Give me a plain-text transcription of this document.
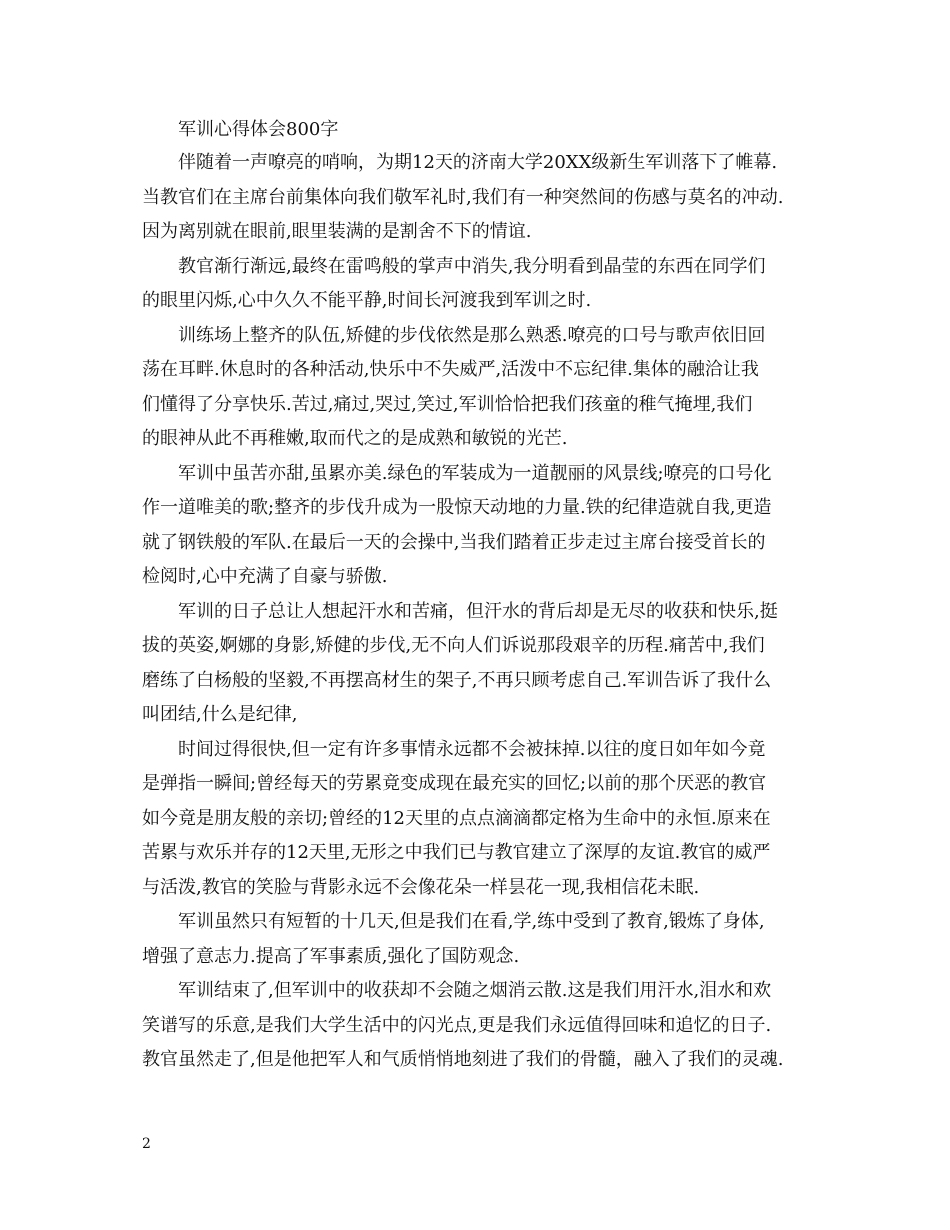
军训心得体会800字

伴随着一声嘹亮的哨响，为期12天的济南大学20XX级新生军训落下了帷幕.
当教官们在主席台前集体向我们敬军礼时,我们有一种突然间的伤感与莫名的冲动.
因为离别就在眼前,眼里装满的是割舍不下的情谊.

教官渐行渐远,最终在雷鸣般的掌声中消失,我分明看到晶莹的东西在同学们
的眼里闪烁,心中久久不能平静,时间长河渡我到军训之时.

训练场上整齐的队伍,矫健的步伐依然是那么熟悉.嘹亮的口号与歌声依旧回
荡在耳畔.休息时的各种活动,快乐中不失威严,活泼中不忘纪律.集体的融洽让我
们懂得了分享快乐.苦过,痛过,哭过,笑过,军训恰恰把我们孩童的稚气掩埋,我们
的眼神从此不再稚嫩,取而代之的是成熟和敏锐的光芒.

军训中虽苦亦甜,虽累亦美.绿色的军装成为一道靓丽的风景线;嘹亮的口号化
作一道唯美的歌;整齐的步伐升成为一股惊天动地的力量.铁的纪律造就自我,更造
就了钢铁般的军队.在最后一天的会操中,当我们踏着正步走过主席台接受首长的
检阅时,心中充满了自豪与骄傲.

军训的日子总让人想起汗水和苦痛，但汗水的背后却是无尽的收获和快乐,挺
拔的英姿,婀娜的身影,矫健的步伐,无不向人们诉说那段艰辛的历程.痛苦中,我们
磨练了白杨般的坚毅,不再摆高材生的架子,不再只顾考虑自己.军训告诉了我什么
叫团结,什么是纪律,

时间过得很快,但一定有许多事情永远都不会被抹掉.以往的度日如年如今竟
是弹指一瞬间;曾经每天的劳累竟变成现在最充实的回忆;以前的那个厌恶的教官
如今竟是朋友般的亲切;曾经的12天里的点点滴滴都定格为生命中的永恒.原来在
苦累与欢乐并存的12天里,无形之中我们已与教官建立了深厚的友谊.教官的威严
与活泼,教官的笑脸与背影永远不会像花朵一样昙花一现,我相信花未眠.

军训虽然只有短暂的十几天,但是我们在看,学,练中受到了教育,锻炼了身体,
增强了意志力.提高了军事素质,强化了国防观念.

军训结束了,但军训中的收获却不会随之烟消云散.这是我们用汗水,泪水和欢
笑谱写的乐意,是我们大学生活中的闪光点,更是我们永远值得回味和追忆的日子.
教官虽然走了,但是他把军人和气质悄悄地刻进了我们的骨髓，融入了我们的灵魂.

2
